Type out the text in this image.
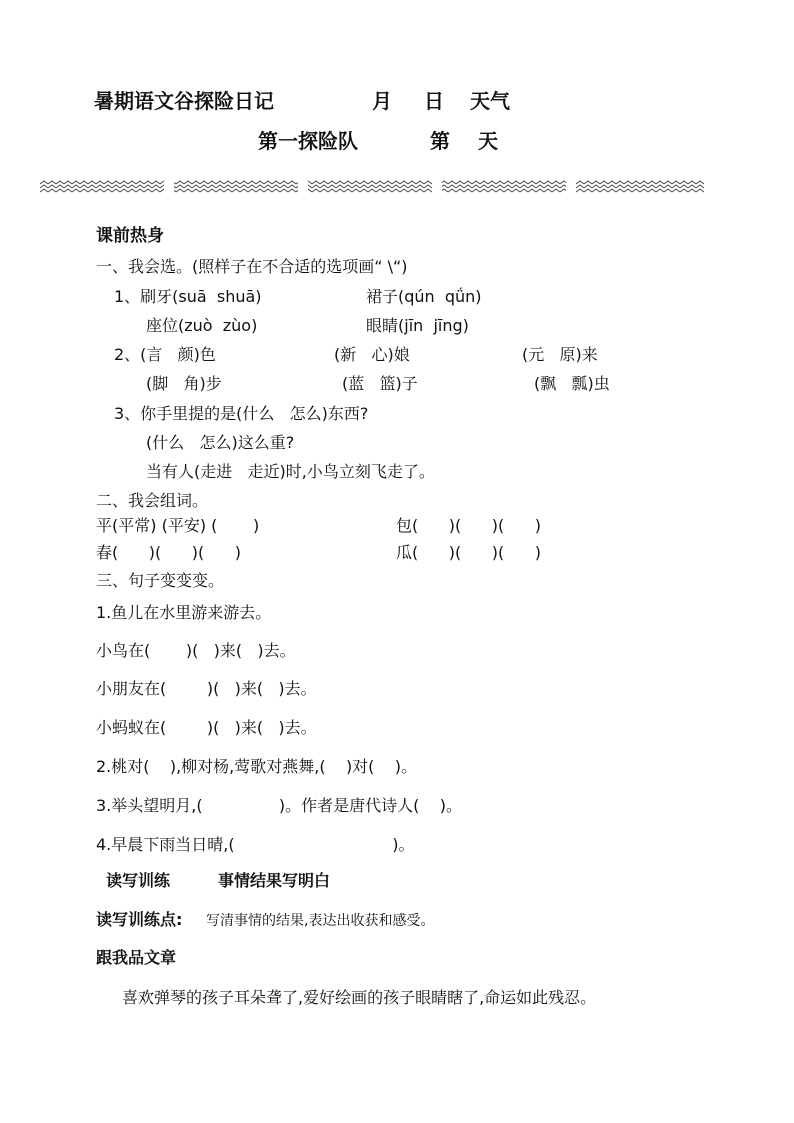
暑期语文谷探险日记	月 日 天气
第一探险队	第 天
课前热身
一、我会选。(照样子在不合适的选项画“ \“)
1、刷牙(suā  shuā)	裙子(qún  qǘn)
座位(zuò  zùo)	眼睛(jīn  jīng)
2、(言   颜)色	(新   心)娘	(元   原)来
(脚   角)步	(蓝   篮)子	(飘   瓢)虫
3、你手里提的是(什么   怎么)东西?
(什么   怎么)这么重?
当有人(走进   走近)时,小鸟立刻飞走了。
二、我会组词。
平(平常) (平安) (       )	包(      )(      )(      )
春(      )(      )(      )	瓜(      )(      )(      )
三、句子变变变。
1.鱼儿在水里游来游去。
小鸟在(       )(   )来(   )去。
小朋友在(        )(   )来(   )去。
小蚂蚁在(        )(   )来(   )去。
2.桃对(    ),柳对杨,莺歌对燕舞,(    )对(    )。
3.举头望明月,(               )。作者是唐代诗人(    )。
4.早晨下雨当日晴,(                               )。
读写训练	事情结果写明白
读写训练点: 写清事情的结果,表达出收获和感受。
跟我品文章
喜欢弹琴的孩子耳朵聋了,爱好绘画的孩子眼睛瞎了,命运如此残忍。
